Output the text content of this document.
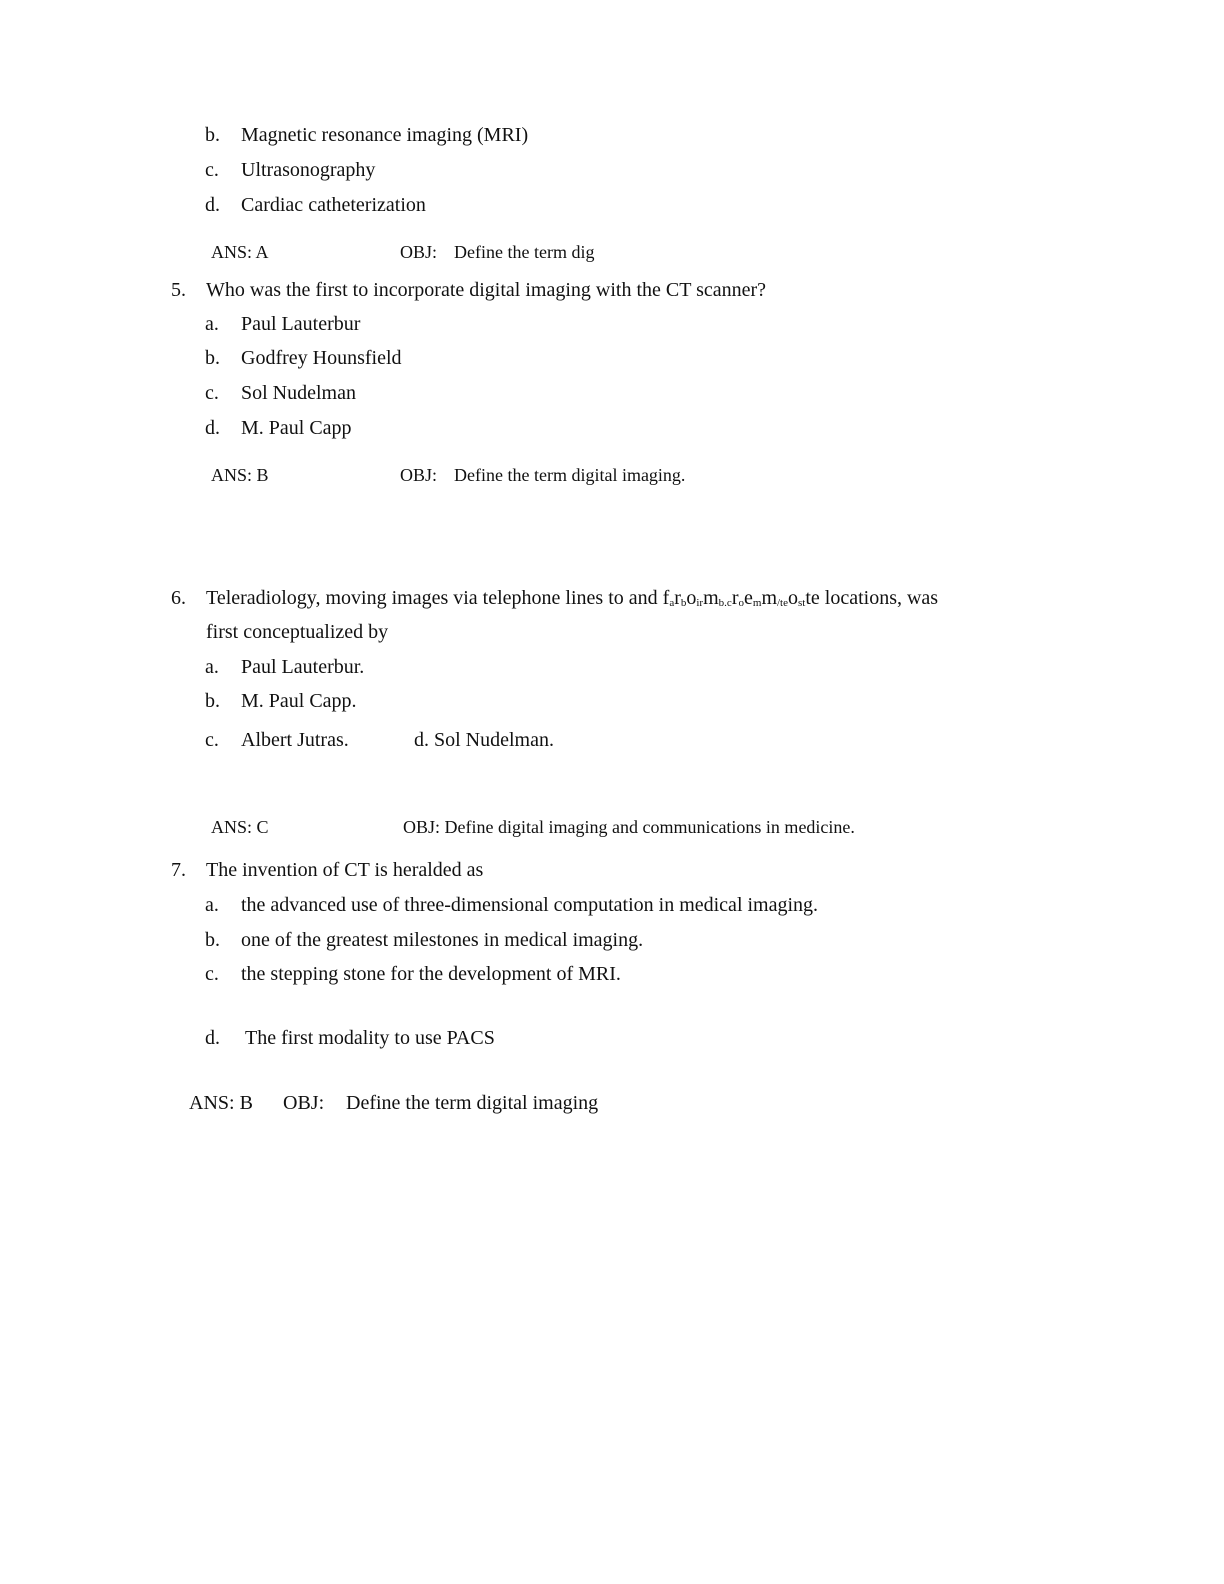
b. Magnetic resonance imaging (MRI)
c. Ultrasonography
d. Cardiac catheterization
ANS: A	OBJ: Define the term dig
5. Who was the first to incorporate digital imaging with the CT scanner?
a. Paul Lauterbur
b. Godfrey Hounsfield
c. Sol Nudelman
d. M. Paul Capp
ANS: B	OBJ: Define the term digital imaging.
6. Teleradiology, moving images via telephone lines to and farboirmb.croemm/teostte locations, was
first conceptualized by
a. Paul Lauterbur.
b. M. Paul Capp.
c. Albert Jutras.	d. Sol Nudelman.
ANS: C	OBJ: Define digital imaging and communications in medicine.
7. The invention of CT is heralded as
a. the advanced use of three-dimensional computation in medical imaging.
b. one of the greatest milestones in medical imaging.
c. the stepping stone for the development of MRI.
d. The first modality to use PACS
ANS: B OBJ: Define the term digital imaging
